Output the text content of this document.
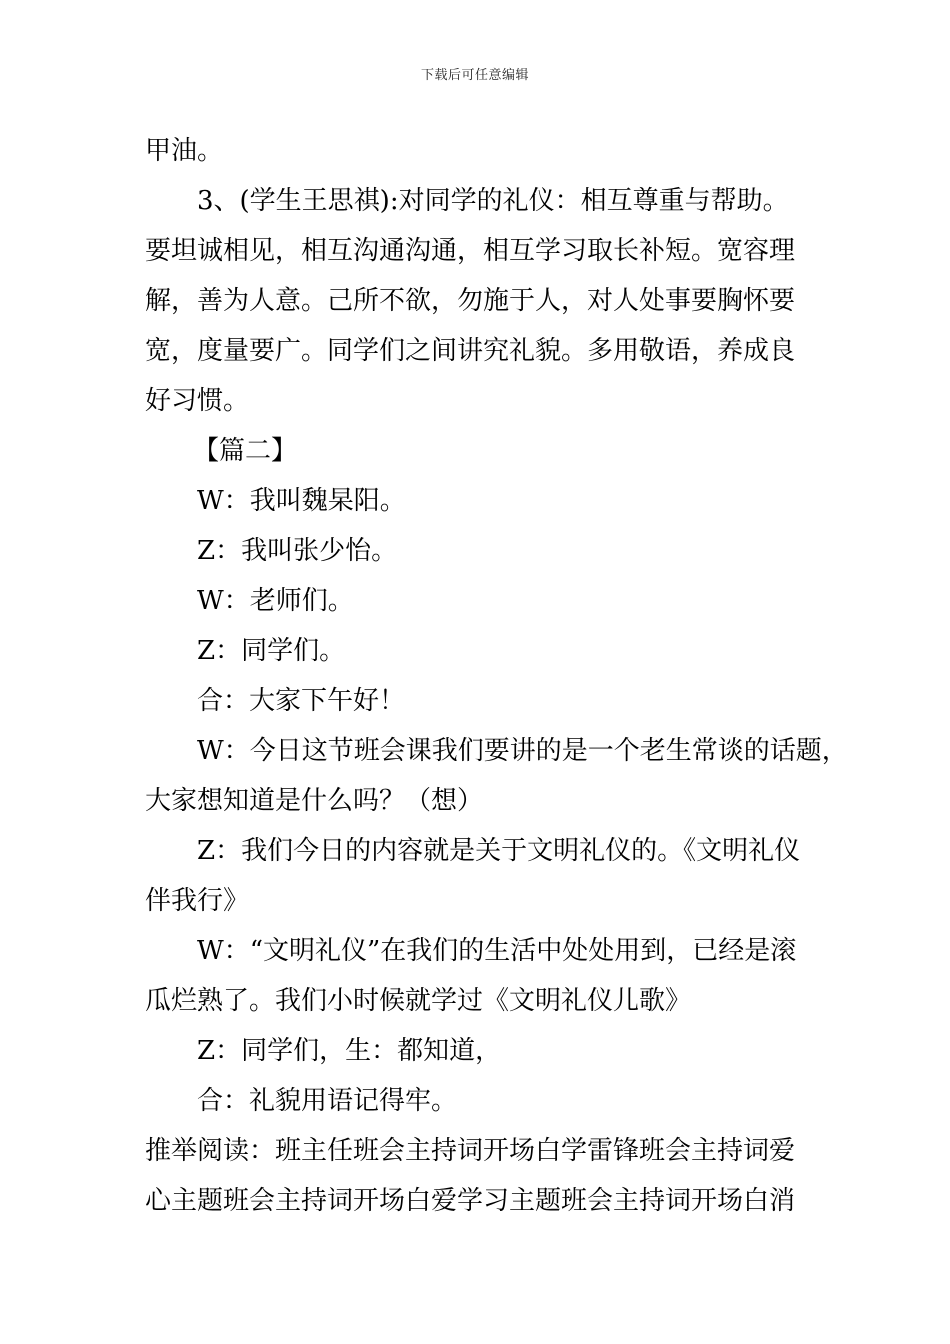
下载后可任意编辑

甲油。

3、(学生王思祺):对同学的礼仪：相互尊重与帮助。

要坦诚相见，相互沟通沟通，相互学习取长补短。宽容理

解，善为人意。己所不欲，勿施于人，对人处事要胸怀要

宽，度量要广。同学们之间讲究礼貌。多用敬语，养成良

好习惯。

【篇二】

W：我叫魏杲阳。

Z：我叫张少怡。

W：老师们。

Z：同学们。

合：大家下午好！

W：今日这节班会课我们要讲的是一个老生常谈的话题，

大家想知道是什么吗？（想）

Z：我们今日的内容就是关于文明礼仪的。《文明礼仪

伴我行》

W：“文明礼仪”在我们的生活中处处用到，已经是滚

瓜烂熟了。我们小时候就学过《文明礼仪儿歌》

Z：同学们，生：都知道，

合：礼貌用语记得牢。

推举阅读：班主任班会主持词开场白学雷锋班会主持词爱

心主题班会主持词开场白爱学习主题班会主持词开场白消
